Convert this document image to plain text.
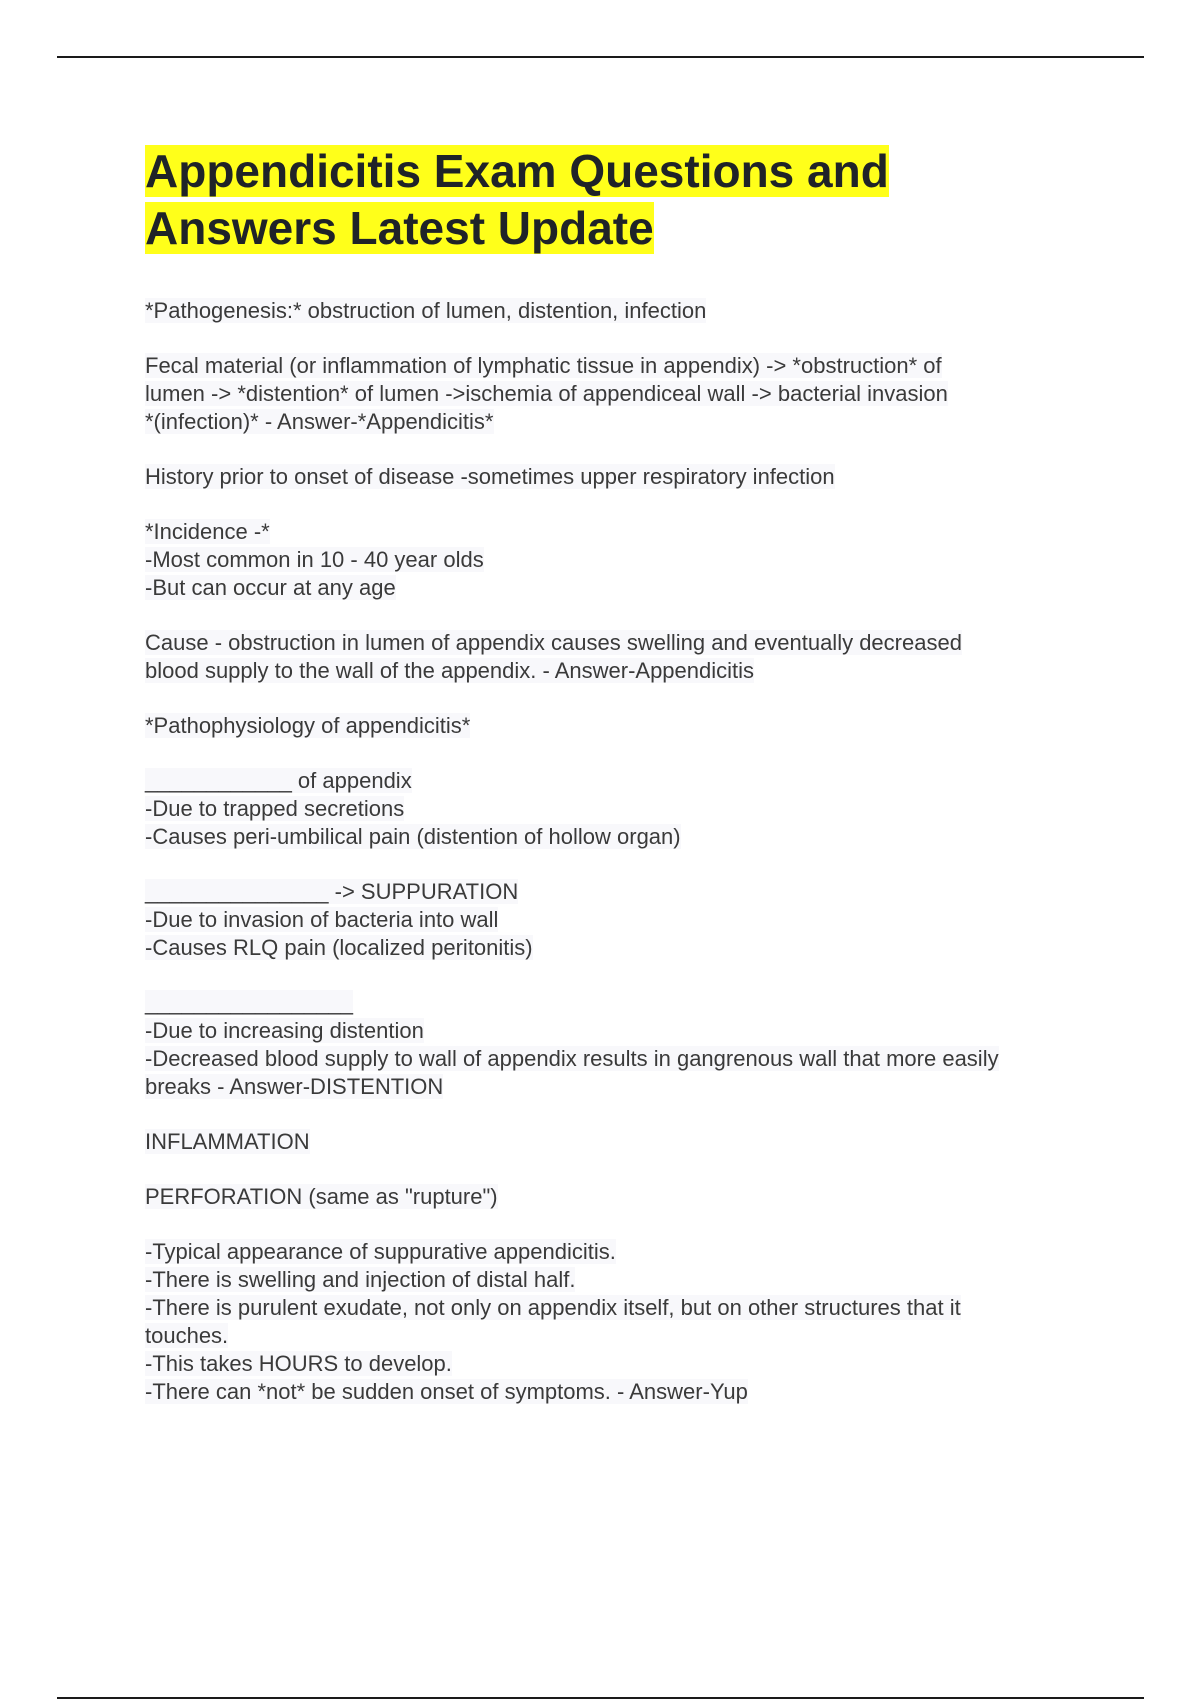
Appendicitis Exam Questions and
Answers Latest Update
*Pathogenesis:* obstruction of lumen, distention, infection
Fecal material (or inflammation of lymphatic tissue in appendix) -> *obstruction* of
lumen -> *distention* of lumen ->ischemia of appendiceal wall -> bacterial invasion
*(infection)* - Answer-*Appendicitis*
History prior to onset of disease -sometimes upper respiratory infection
*Incidence -*
-Most common in 10 - 40 year olds
-But can occur at any age
Cause - obstruction in lumen of appendix causes swelling and eventually decreased
blood supply to the wall of the appendix. - Answer-Appendicitis
*Pathophysiology of appendicitis*
____________ of appendix
-Due to trapped secretions
-Causes peri-umbilical pain (distention of hollow organ)
_______________ -> SUPPURATION
-Due to invasion of bacteria into wall
-Causes RLQ pain (localized peritonitis)
_________________
-Due to increasing distention
-Decreased blood supply to wall of appendix results in gangrenous wall that more easily
breaks - Answer-DISTENTION
INFLAMMATION
PERFORATION (same as "rupture")
-Typical appearance of suppurative appendicitis.
-There is swelling and injection of distal half.
-There is purulent exudate, not only on appendix itself, but on other structures that it
touches.
-This takes HOURS to develop.
-There can *not* be sudden onset of symptoms. - Answer-Yup
